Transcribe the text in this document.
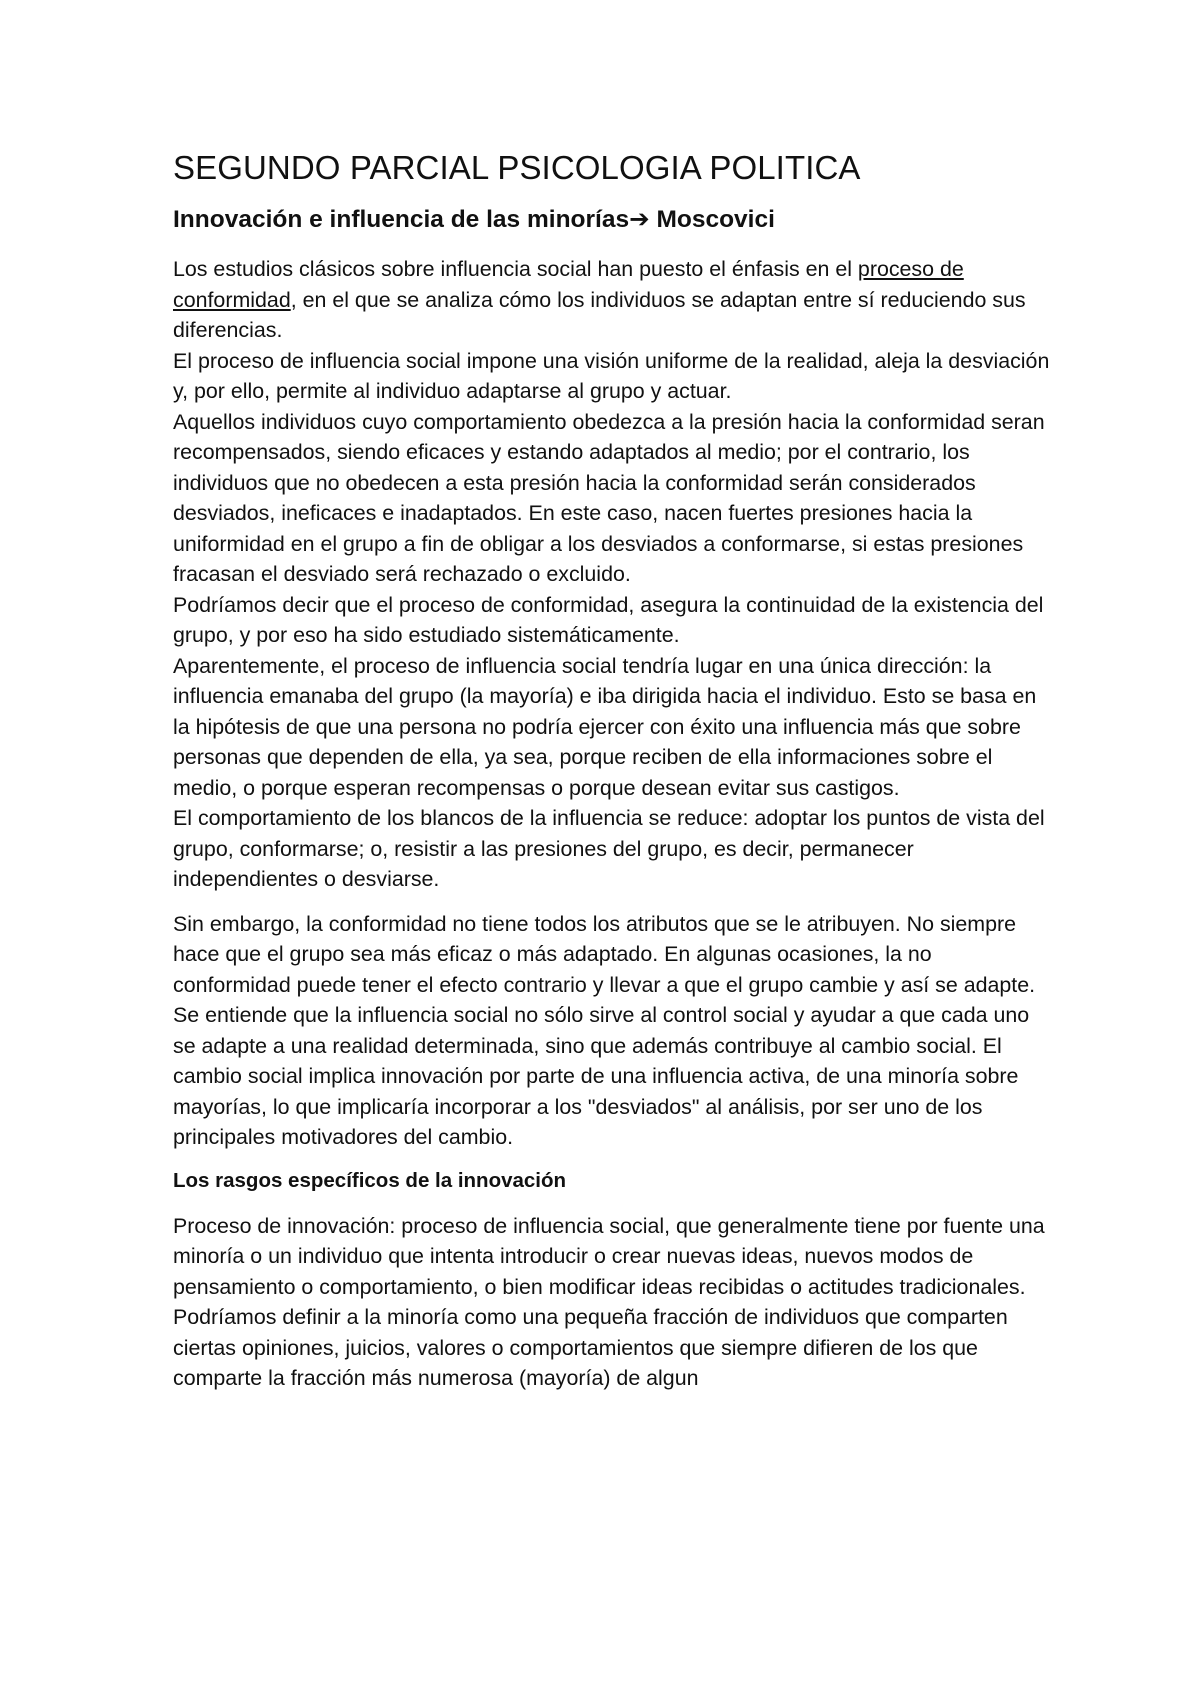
SEGUNDO PARCIAL PSICOLOGIA POLITICA
Innovación e influencia de las minorías➔ Moscovici

Los estudios clásicos sobre influencia social han puesto el énfasis en el proceso de conformidad, en el que se analiza cómo los individuos se adaptan entre sí reduciendo sus diferencias.

El proceso de influencia social impone una visión uniforme de la realidad, aleja la desviación y, por ello, permite al individuo adaptarse al grupo y actuar.

Aquellos individuos cuyo comportamiento obedezca a la presión hacia la conformidad seran recompensados, siendo eficaces y estando adaptados al medio; por el contrario, los individuos que no obedecen a esta presión hacia la conformidad serán considerados desviados, ineficaces e inadaptados. En este caso, nacen fuertes presiones hacia la uniformidad en el grupo a fin de obligar a los desviados a conformarse, si estas presiones fracasan el desviado será rechazado o excluido.

Podríamos decir que el proceso de conformidad, asegura la continuidad de la existencia del grupo, y por eso ha sido estudiado sistemáticamente.

Aparentemente, el proceso de influencia social tendría lugar en una única dirección: la influencia emanaba del grupo (la mayoría) e iba dirigida hacia el individuo. Esto se basa en la hipótesis de que una persona no podría ejercer con éxito una influencia más que sobre personas que dependen de ella, ya sea, porque reciben de ella informaciones sobre el medio, o porque esperan recompensas o porque desean evitar sus castigos.

El comportamiento de los blancos de la influencia se reduce: adoptar los puntos de vista del grupo, conformarse; o, resistir a las presiones del grupo, es decir, permanecer independientes o desviarse.

Sin embargo, la conformidad no tiene todos los atributos que se le atribuyen. No siempre hace que el grupo sea más eficaz o más adaptado. En algunas ocasiones, la no conformidad puede tener el efecto contrario y llevar a que el grupo cambie y así se adapte.

Se entiende que la influencia social no sólo sirve al control social y ayudar a que cada uno se adapte a una realidad determinada, sino que además contribuye al cambio social. El cambio social implica innovación por parte de una influencia activa, de una minoría sobre mayorías, lo que implicaría incorporar a los "desviados" al análisis, por ser uno de los principales motivadores del cambio.

Los rasgos específicos de la innovación

Proceso de innovación: proceso de influencia social, que generalmente tiene por fuente una minoría o un individuo que intenta introducir o crear nuevas ideas, nuevos modos de pensamiento o comportamiento, o bien modificar ideas recibidas o actitudes tradicionales.

Podríamos definir a la minoría como una pequeña fracción de individuos que comparten ciertas opiniones, juicios, valores o comportamientos que siempre difieren de los que comparte la fracción más numerosa (mayoría) de algun
